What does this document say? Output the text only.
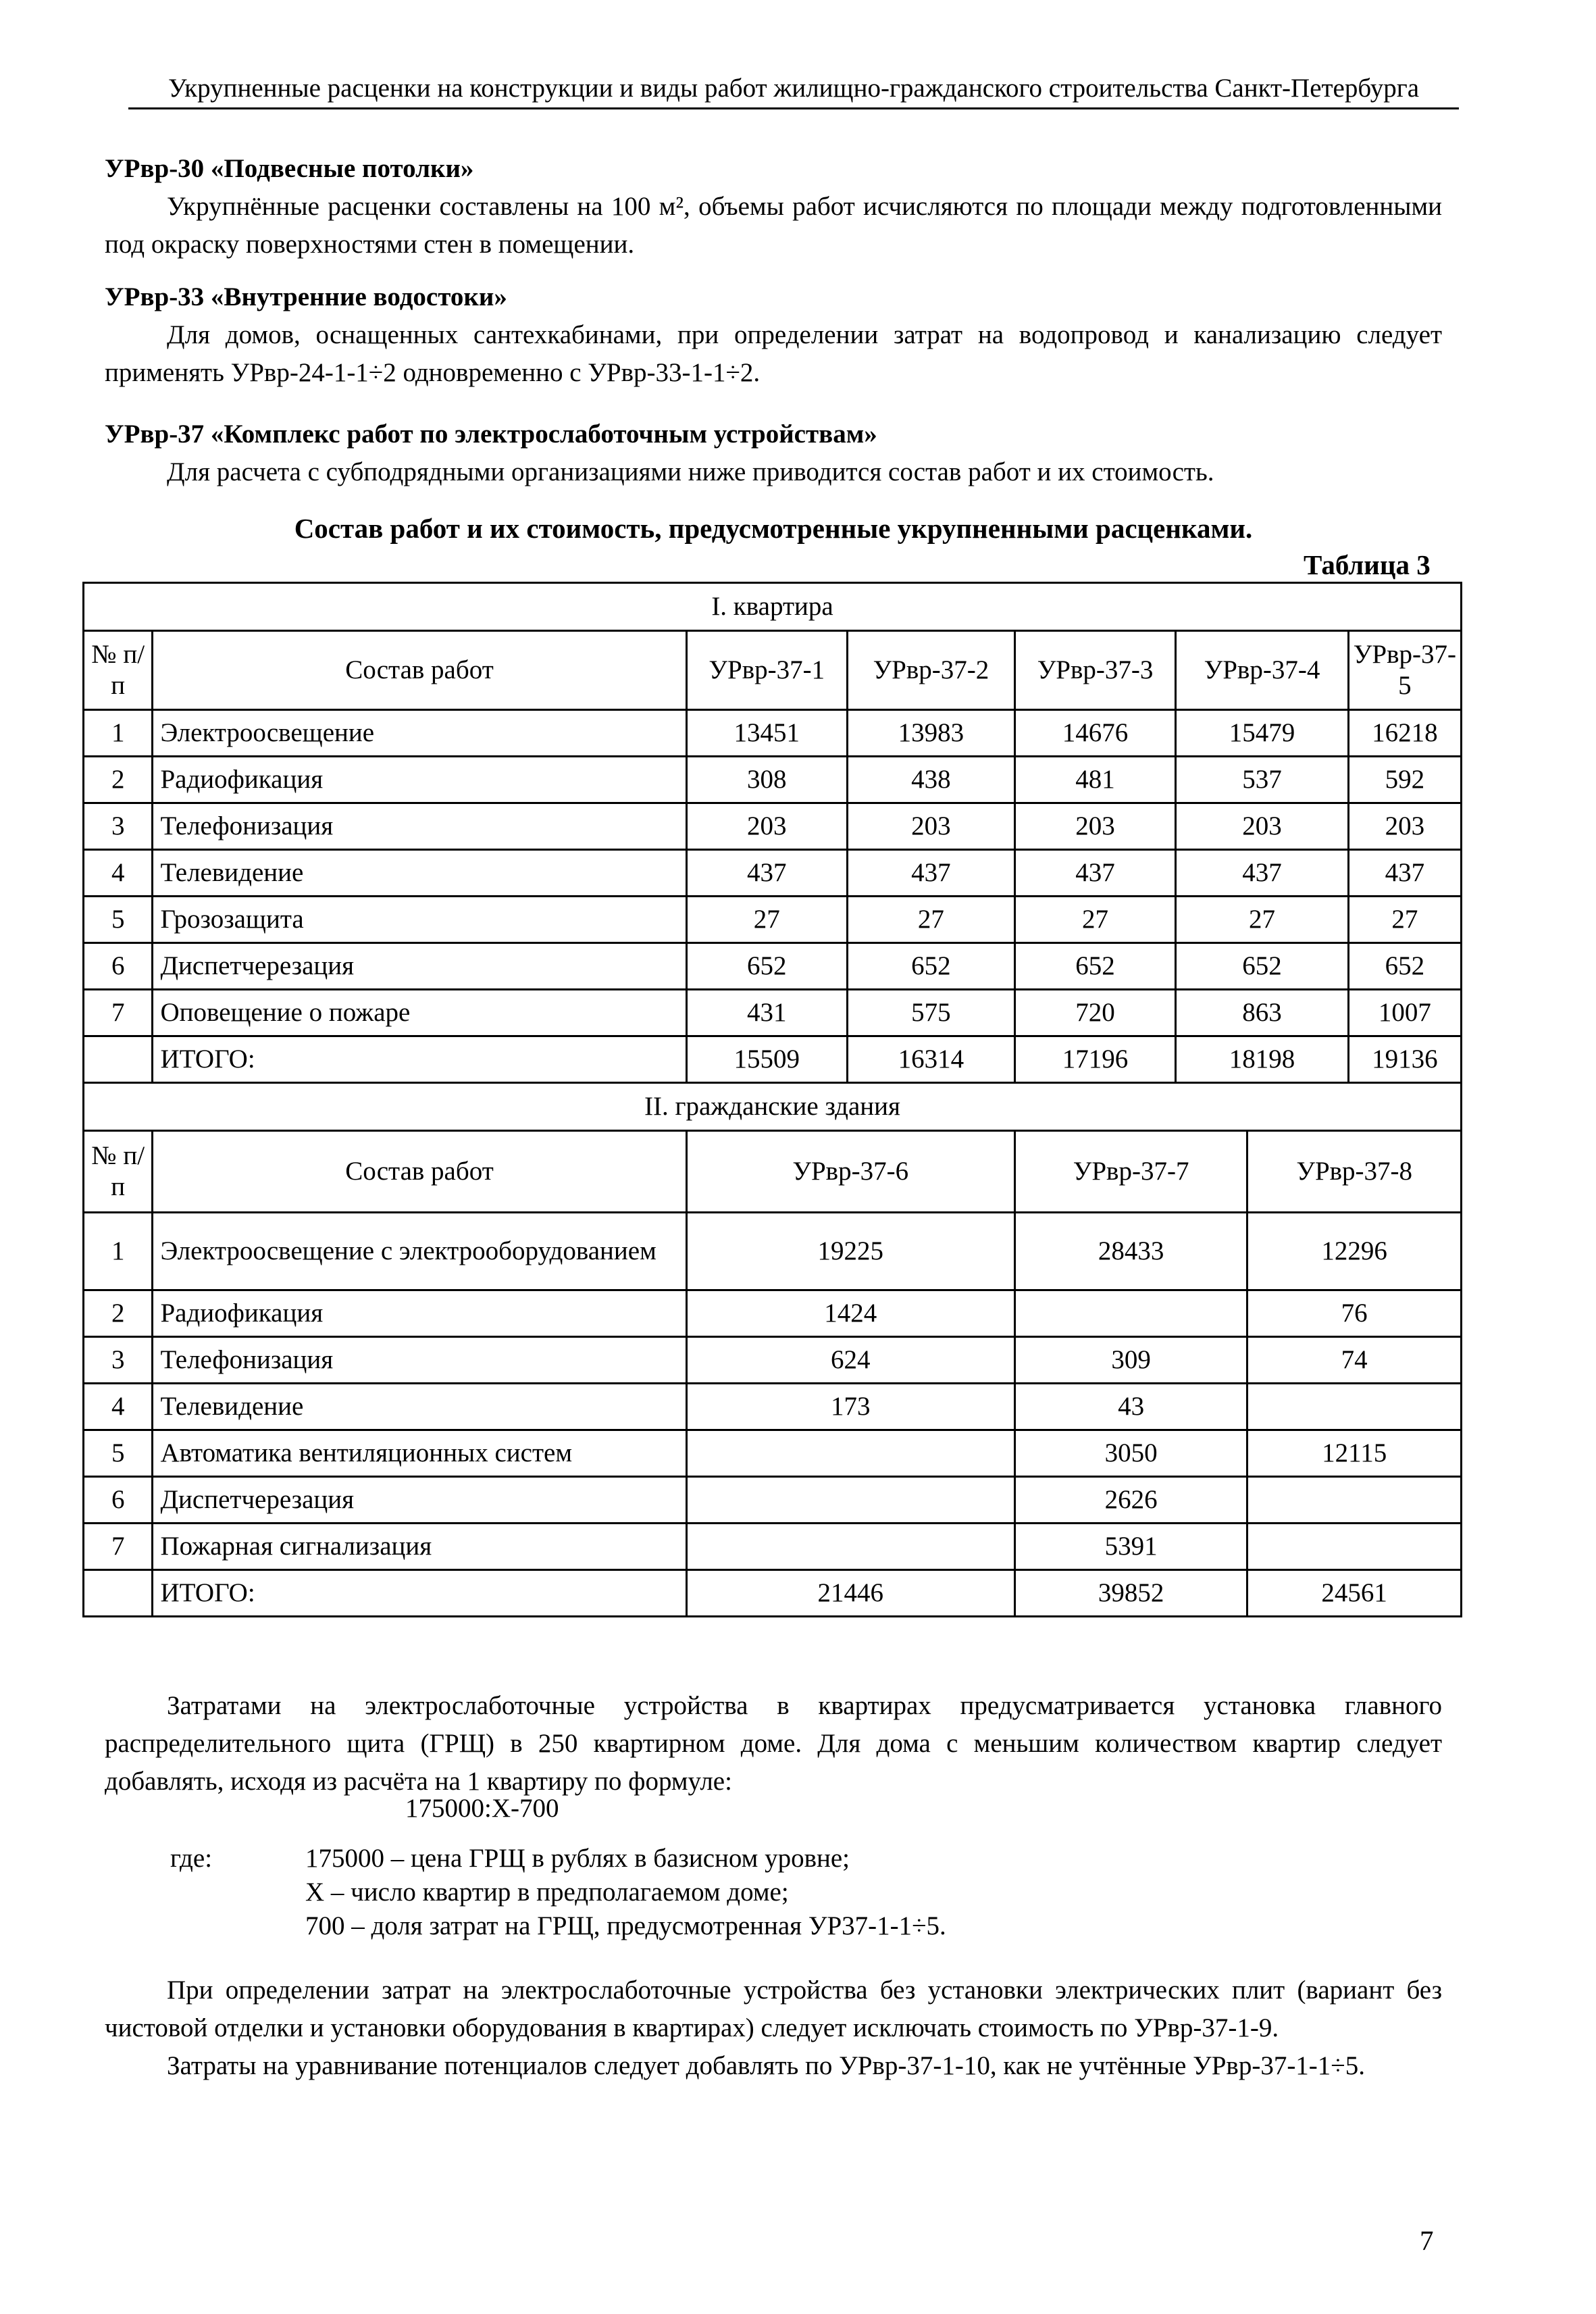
Укрупненные расценки на конструкции и виды работ жилищно-гражданского строительства Санкт-Петербурга
УРвр-30 «Подвесные потолки»
Укрупнённые расценки составлены на 100 м², объемы работ исчисляются по площади между подготовленными под окраску поверхностями стен в помещении.
УРвр-33 «Внутренние водостоки»
Для домов, оснащенных сантехкабинами, при определении затрат на водопровод и канализацию следует применять УРвр-24-1-1÷2 одновременно с УРвр-33-1-1÷2.
УРвр-37 «Комплекс работ по электрослаботочным устройствам»
Для расчета с субподрядными организациями ниже приводится состав работ и их стоимость.
Состав работ и их стоимость, предусмотренные укрупненными расценками.
Таблица 3
I. квартира							

№ п/п	Состав работ	УРвр-37-1	УРвр-37-2	УРвр-37-3	УРвр-37-4		УРвр-37-5
1	Электроосвещение	13451	13983	14676	15479		16218
2	Радиофикация	308	438	481	537		592
3	Телефонизация	203	203	203	203		203
4	Телевидение	437	437	437	437		437
5	Грозозащита	27	27	27	27		27
6	Диспетчерезация	652	652	652	652		652
7	Оповещение о пожаре	431	575	720	863		1007
	ИТОГО:	15509	16314	17196	18198		19136

II. гражданские здания							

№ п/п	Состав работ	УРвр-37-6		УРвр-37-7		УРвр-37-8	
1	Электроосвещение с электрооборудованием	19225		28433		12296	
2	Радиофикация	1424				76	
3	Телефонизация	624		309		74	
4	Телевидение	173		43			
5	Автоматика вентиляционных систем			3050		12115	
6	Диспетчерезация			2626			
7	Пожарная сигнализация			5391			
	ИТОГО:	21446		39852		24561	
Затратами на электрослаботочные устройства в квартирах предусматривается установка главного распределительного щита (ГРЩ) в 250 квартирном доме. Для дома с меньшим количеством квартир следует добавлять, исходя из расчёта на 1 квартиру по формуле:
175000:Х-700
где:	175000 – цена ГРЩ в рублях в базисном уровне;
Х – число квартир в предполагаемом доме;
700 – доля затрат на ГРЩ, предусмотренная УР37-1-1÷5.
При определении затрат на электрослаботочные устройства без установки электрических плит (вариант без чистовой отделки и установки оборудования в квартирах) следует исключать стоимость по УРвр-37-1-9.
Затраты на уравнивание потенциалов следует добавлять по УРвр-37-1-10, как не учтённые УРвр-37-1-1÷5.
7
